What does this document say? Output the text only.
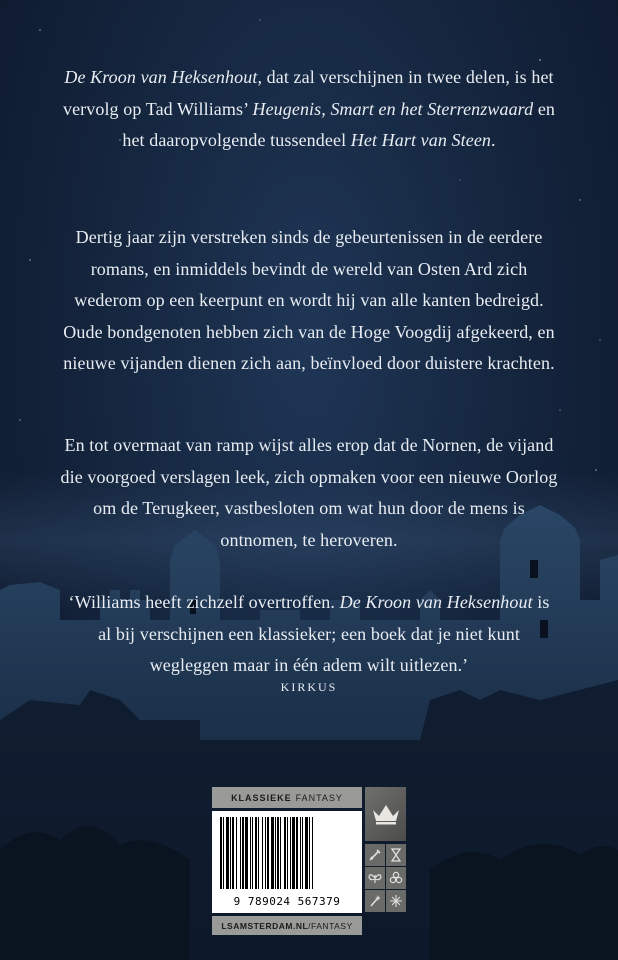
De Kroon van Heksenhout, dat zal verschijnen in twee delen, is het vervolg op Tad Williams’ Heugenis, Smart en het Sterrenzwaard en het daaropvolgende tussendeel Het Hart van Steen.

Dertig jaar zijn verstreken sinds de gebeurtenissen in de eerdere romans, en inmiddels bevindt de wereld van Osten Ard zich wederom op een keerpunt en wordt hij van alle kanten bedreigd. Oude bondgenoten hebben zich van de Hoge Voogdij afgekeerd, en nieuwe vijanden dienen zich aan, beïnvloed door duistere krachten.

En tot overmaat van ramp wijst alles erop dat de Nornen, de vijand die voorgoed verslagen leek, zich opmaken voor een nieuwe Oorlog om de Terugkeer, vastbesloten om wat hun door de mens is ontnomen, te heroveren.

‘Williams heeft zichzelf overtroffen. De Kroon van Heksenhout is al bij verschijnen een klassieker; een boek dat je niet kunt wegleggen maar in één adem wilt uitlezen.’

KIRKUS
KLASSIEKE FANTASY
9 789024 567379
LSAMSTERDAM.NL /FANTASY
